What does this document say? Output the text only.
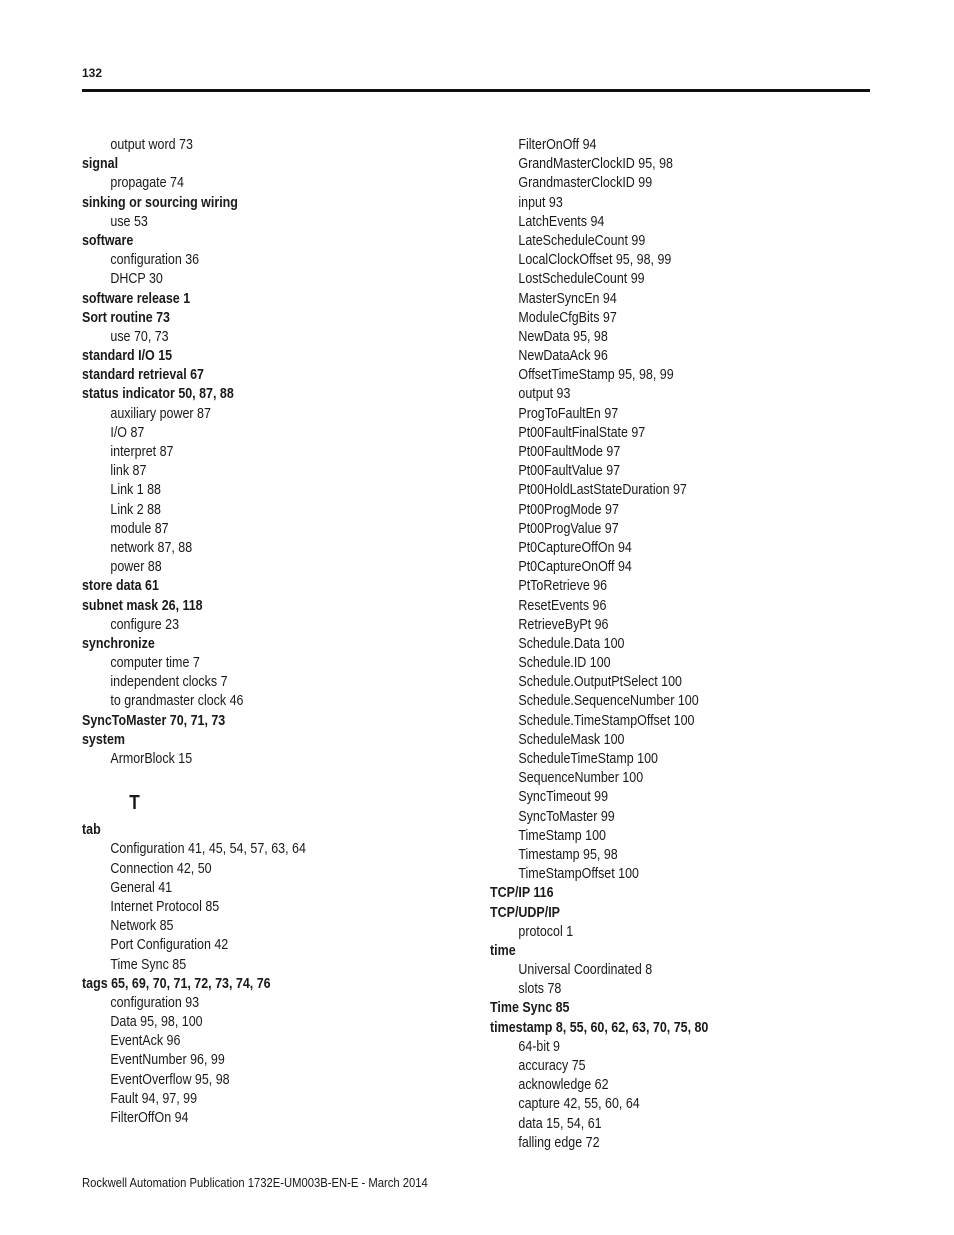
132
output word 73
signal
propagate 74
sinking or sourcing wiring
use 53
software
configuration 36
DHCP 30
software release 1
Sort routine 73
use 70, 73
standard I/O 15
standard retrieval 67
status indicator 50, 87, 88
auxiliary power 87
I/O 87
interpret 87
link 87
Link 1 88
Link 2 88
module 87
network 87, 88
power 88
store data 61
subnet mask 26, 118
configure 23
synchronize
computer time 7
independent clocks 7
to grandmaster clock 46
SyncToMaster 70, 71, 73
system
ArmorBlock 15
T
tab
Configuration 41, 45, 54, 57, 63, 64
Connection 42, 50
General 41
Internet Protocol 85
Network 85
Port Configuration 42
Time Sync 85
tags 65, 69, 70, 71, 72, 73, 74, 76
configuration 93
Data 95, 98, 100
EventAck 96
EventNumber 96, 99
EventOverflow 95, 98
Fault 94, 97, 99
FilterOffOn 94
FilterOnOff 94
GrandMasterClockID 95, 98
GrandmasterClockID 99
input 93
LatchEvents 94
LateScheduleCount 99
LocalClockOffset 95, 98, 99
LostScheduleCount 99
MasterSyncEn 94
ModuleCfgBits 97
NewData 95, 98
NewDataAck 96
OffsetTimeStamp 95, 98, 99
output 93
ProgToFaultEn 97
Pt00FaultFinalState 97
Pt00FaultMode 97
Pt00FaultValue 97
Pt00HoldLastStateDuration 97
Pt00ProgMode 97
Pt00ProgValue 97
Pt0CaptureOffOn 94
Pt0CaptureOnOff 94
PtToRetrieve 96
ResetEvents 96
RetrieveByPt 96
Schedule.Data 100
Schedule.ID 100
Schedule.OutputPtSelect 100
Schedule.SequenceNumber 100
Schedule.TimeStampOffset 100
ScheduleMask 100
ScheduleTimeStamp 100
SequenceNumber 100
SyncTimeout 99
SyncToMaster 99
TimeStamp 100
Timestamp 95, 98
TimeStampOffset 100
TCP/IP 116
TCP/UDP/IP
protocol 1
time
Universal Coordinated 8
slots 78
Time Sync 85
timestamp 8, 55, 60, 62, 63, 70, 75, 80
64-bit 9
accuracy 75
acknowledge 62
capture 42, 55, 60, 64
data 15, 54, 61
falling edge 72
Rockwell Automation Publication 1732E-UM003B-EN-E - March 2014
